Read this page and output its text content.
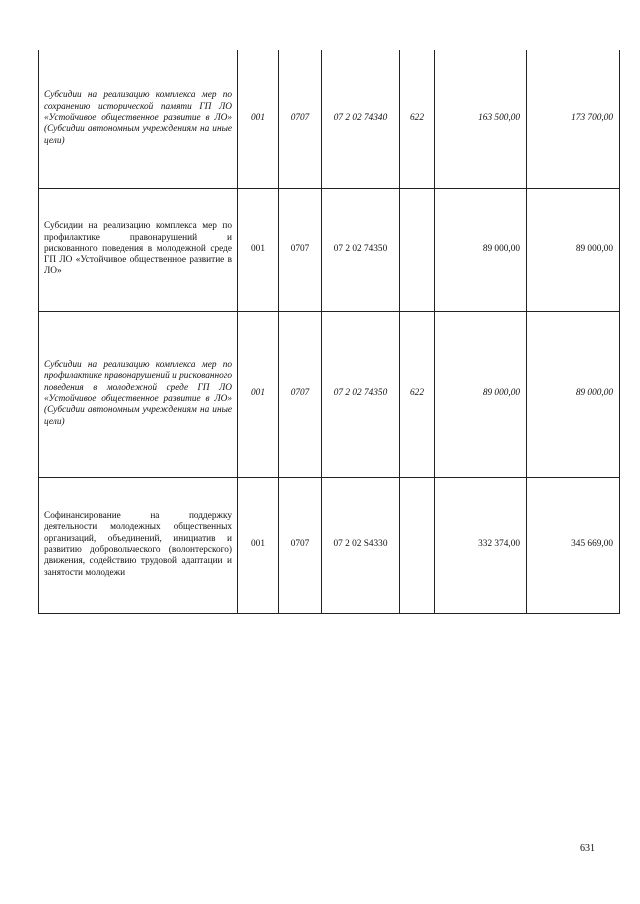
Субсидии на реализацию комплекса мер по сохранению исторической памяти ГП ЛО «Устойчивое общественное развитие в ЛО» (Субсидии автономным учреждениям на иные цели)	001	0707	07 2 02 74340	622	163 500,00	173 700,00
Субсидии на реализацию комплекса мер по профилактике правонарушений и рискованного поведения в молодежной среде ГП ЛО «Устойчивое общественное развитие в ЛО»	001	0707	07 2 02 74350		89 000,00	89 000,00
Субсидии на реализацию комплекса мер по профилактике правонарушений и рискованного поведения в молодежной среде ГП ЛО «Устойчивое общественное развитие в ЛО» (Субсидии автономным учреждениям на иные цели)	001	0707	07 2 02 74350	622	89 000,00	89 000,00
Софинансирование на поддержку деятельности молодежных общественных организаций, объединений, инициатив и развитию добровольческого (волонтерского) движения, содействию трудовой адаптации и занятости молодежи	001	0707	07 2 02 S4330		332 374,00	345 669,00
631
